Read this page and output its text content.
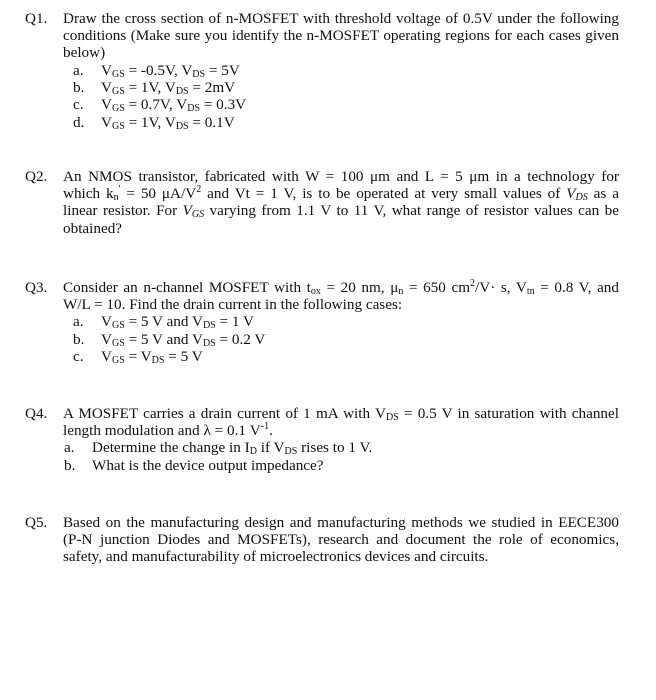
Q1. Draw the cross section of n-MOSFET with threshold voltage of 0.5V under the following
conditions (Make sure you identify the n-MOSFET operating regions for each cases given
below)
a.	$V_{GS} = -0.5V$, $V_{DS} = 5V$
b.	$V_{GS} = 1V$, $V_{DS} = 2mV$
c.	$V_{GS} = 0.7V$, $V_{DS} = 0.3V$
d.	$V_{GS} = 1V$, $V_{DS} = 0.1V$
Q2. An NMOS transistor, fabricated with W = 100 μm and L = 5 μm in a technology for
which $k_n' = 50$ $\mu A/V^2$ and Vt = 1 V, is to be operated at very small values of $V_{DS}$ as a
linear resistor. For $V_{GS}$ varying from 1.1 V to 11 V, what range of resistor values can be
obtained?
Q3. Consider an n-channel MOSFET with $t_{ox} = 20$ nm, $\mu_n = 650$ $cm^2/V\cdot s$, $V_{tn} = 0.8$ V, and
W/L = 10. Find the drain current in the following cases:
a.	$V_{GS} = 5$ V and $V_{DS} = 1$ V
b.	$V_{GS} = 5$ V and $V_{DS} = 0.2$ V
c.	$V_{GS} = V_{DS} = 5$ V
Q4. A MOSFET carries a drain current of 1 mA with $V_{DS} = 0.5$ V in saturation with channel
length modulation and λ = 0.1 $V^{-1}$.
a.	Determine the change in $I_D$ if $V_{DS}$ rises to 1 V.
b.	What is the device output impedance?
Q5. Based on the manufacturing design and manufacturing methods we studied in EECE300
(P-N junction Diodes and MOSFETs), research and document the role of economics,
safety, and manufacturability of microelectronics devices and circuits.
